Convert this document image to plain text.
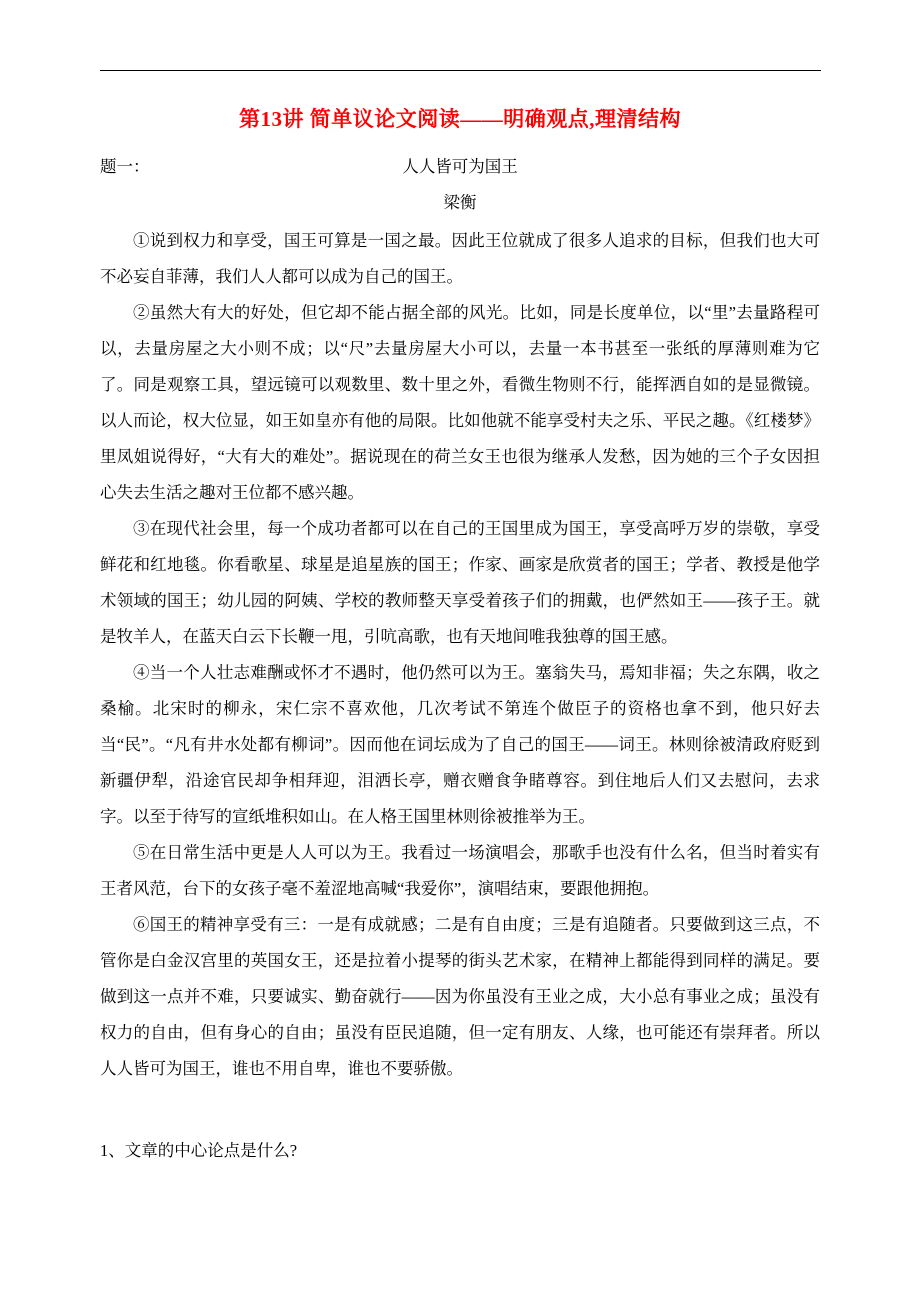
第13讲 简单议论文阅读——明确观点,理清结构
题一：	人人皆可为国王
梁衡

①说到权力和享受，国王可算是一国之最。因此王位就成了很多人追求的目标，但我们也大可不必妄自菲薄，我们人人都可以成为自己的国王。

②虽然大有大的好处，但它却不能占据全部的风光。比如，同是长度单位，以“里”去量路程可以，去量房屋之大小则不成；以“尺”去量房屋大小可以，去量一本书甚至一张纸的厚薄则难为它了。同是观察工具，望远镜可以观数里、数十里之外，看微生物则不行，能挥洒自如的是显微镜。以人而论，权大位显，如王如皇亦有他的局限。比如他就不能享受村夫之乐、平民之趣。《红楼梦》里凤姐说得好，“大有大的难处”。据说现在的荷兰女王也很为继承人发愁，因为她的三个子女因担心失去生活之趣对王位都不感兴趣。

③在现代社会里，每一个成功者都可以在自己的王国里成为国王，享受高呼万岁的崇敬，享受鲜花和红地毯。你看歌星、球星是追星族的国王；作家、画家是欣赏者的国王；学者、教授是他学术领域的国王；幼儿园的阿姨、学校的教师整天享受着孩子们的拥戴，也俨然如王——孩子王。就是牧羊人，在蓝天白云下长鞭一甩，引吭高歌，也有天地间唯我独尊的国王感。

④当一个人壮志难酬或怀才不遇时，他仍然可以为王。塞翁失马，焉知非福；失之东隅，收之桑榆。北宋时的柳永，宋仁宗不喜欢他，几次考试不第连个做臣子的资格也拿不到，他只好去当“民”。“凡有井水处都有柳词”。因而他在词坛成为了自己的国王——词王。林则徐被清政府贬到新疆伊犁，沿途官民却争相拜迎，泪洒长亭，赠衣赠食争睹尊容。到住地后人们又去慰问，去求字。以至于待写的宣纸堆积如山。在人格王国里林则徐被推举为王。

⑤在日常生活中更是人人可以为王。我看过一场演唱会，那歌手也没有什么名，但当时着实有王者风范，台下的女孩子毫不羞涩地高喊“我爱你”，演唱结束，要跟他拥抱。

⑥国王的精神享受有三：一是有成就感；二是有自由度；三是有追随者。只要做到这三点，不管你是白金汉宫里的英国女王，还是拉着小提琴的街头艺术家，在精神上都能得到同样的满足。要做到这一点并不难，只要诚实、勤奋就行——因为你虽没有王业之成，大小总有事业之成；虽没有权力的自由，但有身心的自由；虽没有臣民追随，但一定有朋友、人缘，也可能还有崇拜者。所以人人皆可为国王，谁也不用自卑，谁也不要骄傲。

1、文章的中心论点是什么?
